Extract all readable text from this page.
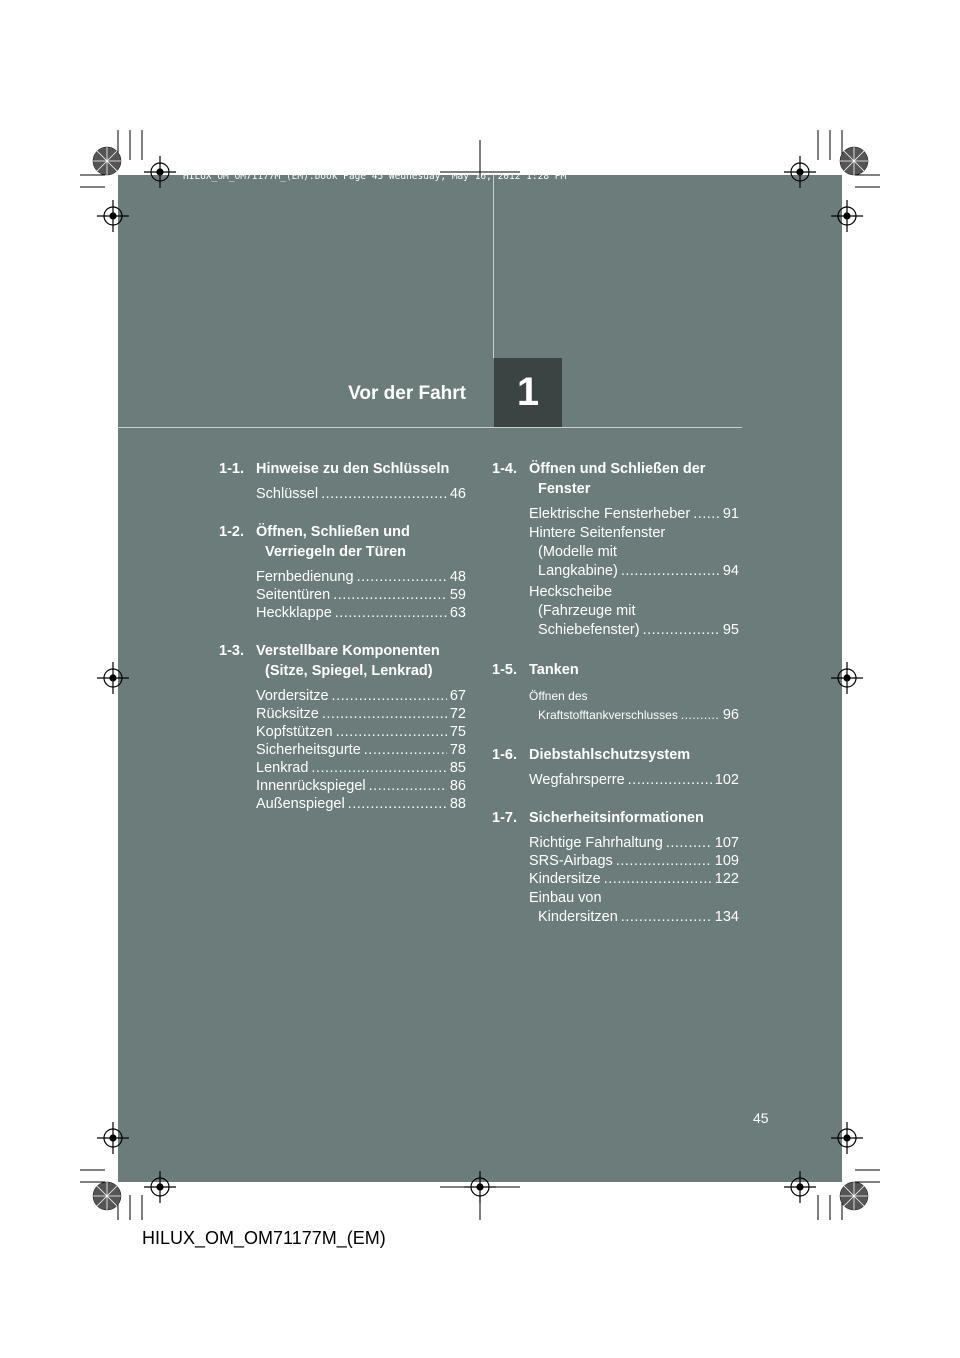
HILUX_OM_OM71177M_(EM).book Page 45 Wednesday, May 16, 2012 1:28 PM
Vor der Fahrt	1
1-1. Hinweise zu den Schlüsseln
Schlüssel .....	46
1-2. Öffnen, Schließen und
Verriegeln der Türen
Fernbedienung .....	48
Seitentüren .....	59
Heckklappe .....	63
1-3. Verstellbare Komponenten
(Sitze, Spiegel, Lenkrad)
Vordersitze .....	67
Rücksitze .....	72
Kopfstützen .....	75
Sicherheitsgurte .....	78
Lenkrad .....	85
Innenrückspiegel .....	86
Außenspiegel .....	88
1-4. Öffnen und Schließen der
Fenster
Elektrische Fensterheber ..... 91
Hintere Seitenfenster
(Modelle mit
Langkabine) .....	94
Heckscheibe
(Fahrzeuge mit
Schiebefenster) .....	95
1-5. Tanken
Öffnen des
Kraftstofftankverschlusses .....	96
1-6. Diebstahlschutzsystem
Wegfahrsperre .....	102
1-7. Sicherheitsinformationen
Richtige Fahrhaltung .....	107
SRS-Airbags .....	109
Kindersitze .....	122
Einbau von
Kindersitzen .....	134
45
HILUX_OM_OM71177M_(EM)
